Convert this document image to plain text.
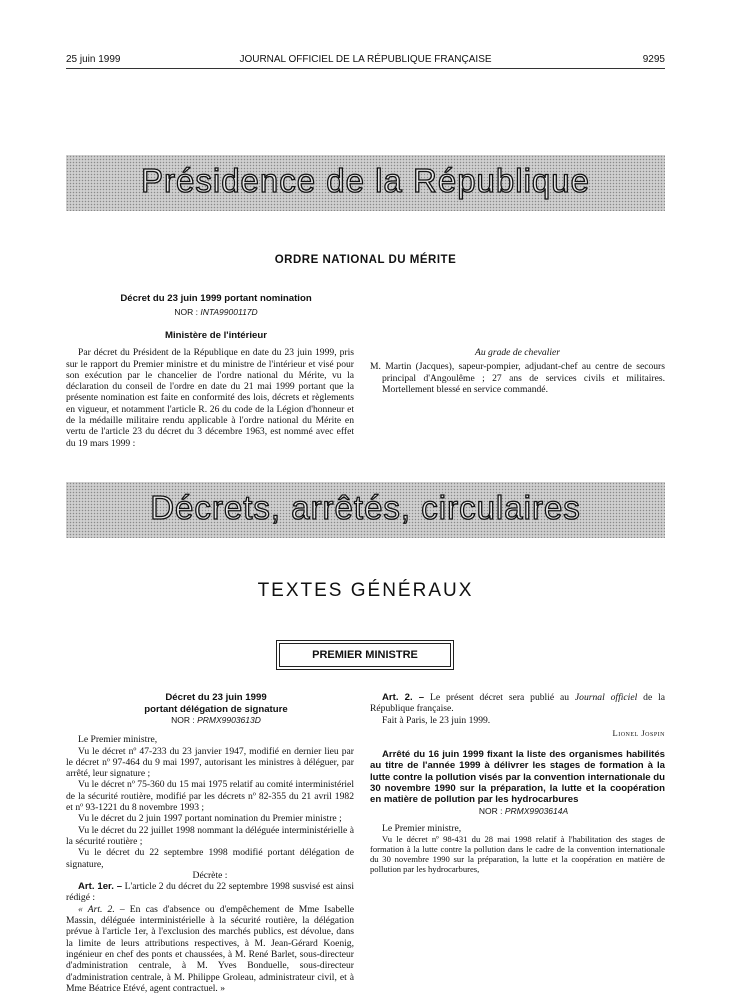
25 juin 1999	JOURNAL OFFICIEL DE LA RÉPUBLIQUE FRANÇAISE	9295
Présidence de la République
ORDRE NATIONAL DU MÉRITE

Décret du 23 juin 1999 portant nomination

NOR : INTA9900117D

Ministère de l'intérieur

Par décret du Président de la République en date du 23 juin 1999, pris sur le rapport du Premier ministre et du ministre de l'intérieur et visé pour son exécution par le chancelier de l'ordre national du Mérite, vu la déclaration du conseil de l'ordre en date du 21 mai 1999 portant que la présente nomination est faite en conformité des lois, décrets et règlements en vigueur, et notamment l'article R. 26 du code de la Légion d'honneur et de la médaille militaire rendu applicable à l'ordre national du Mérite en vertu de l'article 23 du décret du 3 décembre 1963, est nommé avec effet du 19 mars 1999 :

Au grade de chevalier

M. Martin (Jacques), sapeur-pompier, adjudant-chef au centre de secours principal d'Angoulême ; 27 ans de services civils et militaires. Mortellement blessé en service commandé.

Décrets, arrêtés, circulaires
TEXTES GÉNÉRAUX
PREMIER MINISTRE

Décret du 23 juin 1999

portant délégation de signature

NOR : PRMX9903613D

Le Premier ministre,

Vu le décret nº 47-233 du 23 janvier 1947, modifié en dernier lieu par le décret nº 97-464 du 9 mai 1997, autorisant les ministres à déléguer, par arrêté, leur signature ;

Vu le décret nº 75-360 du 15 mai 1975 relatif au comité interministériel de la sécurité routière, modifié par les décrets nº 82-355 du 21 avril 1982 et nº 93-1221 du 8 novembre 1993 ;

Vu le décret du 2 juin 1997 portant nomination du Premier ministre ;

Vu le décret du 22 juillet 1998 nommant la déléguée interministérielle à la sécurité routière ;

Vu le décret du 22 septembre 1998 modifié portant délégation de signature,

Décrète :

Art. 1er. – L'article 2 du décret du 22 septembre 1998 susvisé est ainsi rédigé :

« Art. 2. – En cas d'absence ou d'empêchement de Mme Isabelle Massin, déléguée interministérielle à la sécurité routière, la délégation prévue à l'article 1er, à l'exclusion des marchés publics, est dévolue, dans la limite de leurs attributions respectives, à M. Jean-Gérard Koenig, ingénieur en chef des ponts et chaussées, à M. René Barlet, sous-directeur d'administration centrale, à M. Yves Bonduelle, sous-directeur d'administration centrale, à M. Philippe Groleau, administrateur civil, et à Mme Béatrice Etévé, agent contractuel. »

Art. 2. – Le présent décret sera publié au Journal officiel de la République française.

Fait à Paris, le 23 juin 1999.

Lionel Jospin

Arrêté du 16 juin 1999 fixant la liste des organismes habilités au titre de l'année 1999 à délivrer les stages de formation à la lutte contre la pollution visés par la convention internationale du 30 novembre 1990 sur la préparation, la lutte et la coopération en matière de pollution par les hydrocarbures

NOR : PRMX9903614A

Le Premier ministre,

Vu le décret nº 98-431 du 28 mai 1998 relatif à l'habilitation des stages de formation à la lutte contre la pollution dans le cadre de la convention internationale du 30 novembre 1990 sur la préparation, la lutte et la coopération en matière de pollution par les hydrocarbures,
